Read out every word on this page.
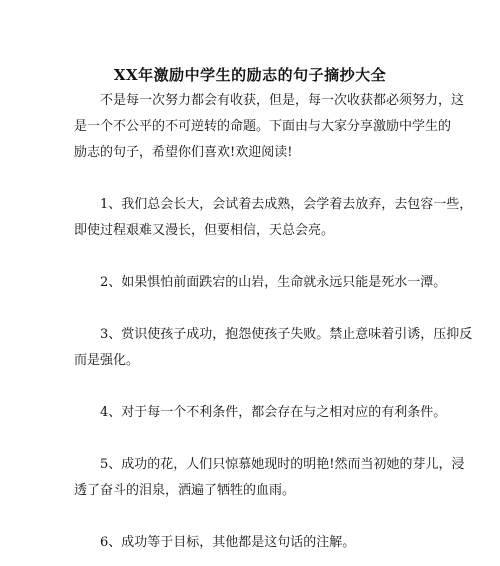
XX年激励中学生的励志的句子摘抄大全
　　不是每一次努力都会有收获，但是，每一次收获都必须努力，这
是一个不公平的不可逆转的命题。下面由与大家分享激励中学生的
励志的句子，希望你们喜欢!欢迎阅读!
　　1、我们总会长大，会试着去成熟，会学着去放弃，去包容一些，
即使过程艰难又漫长，但要相信，天总会亮。
　　2、如果惧怕前面跌宕的山岩，生命就永远只能是死水一潭。
　　3、赏识使孩子成功，抱怨使孩子失败。禁止意味着引诱，压抑反
而是强化。
　　4、对于每一个不利条件，都会存在与之相对应的有利条件。
　　5、成功的花，人们只惊慕她现时的明艳!然而当初她的芽儿，浸
透了奋斗的泪泉，洒遍了牺牲的血雨。
　　6、成功等于目标，其他都是这句话的注解。
